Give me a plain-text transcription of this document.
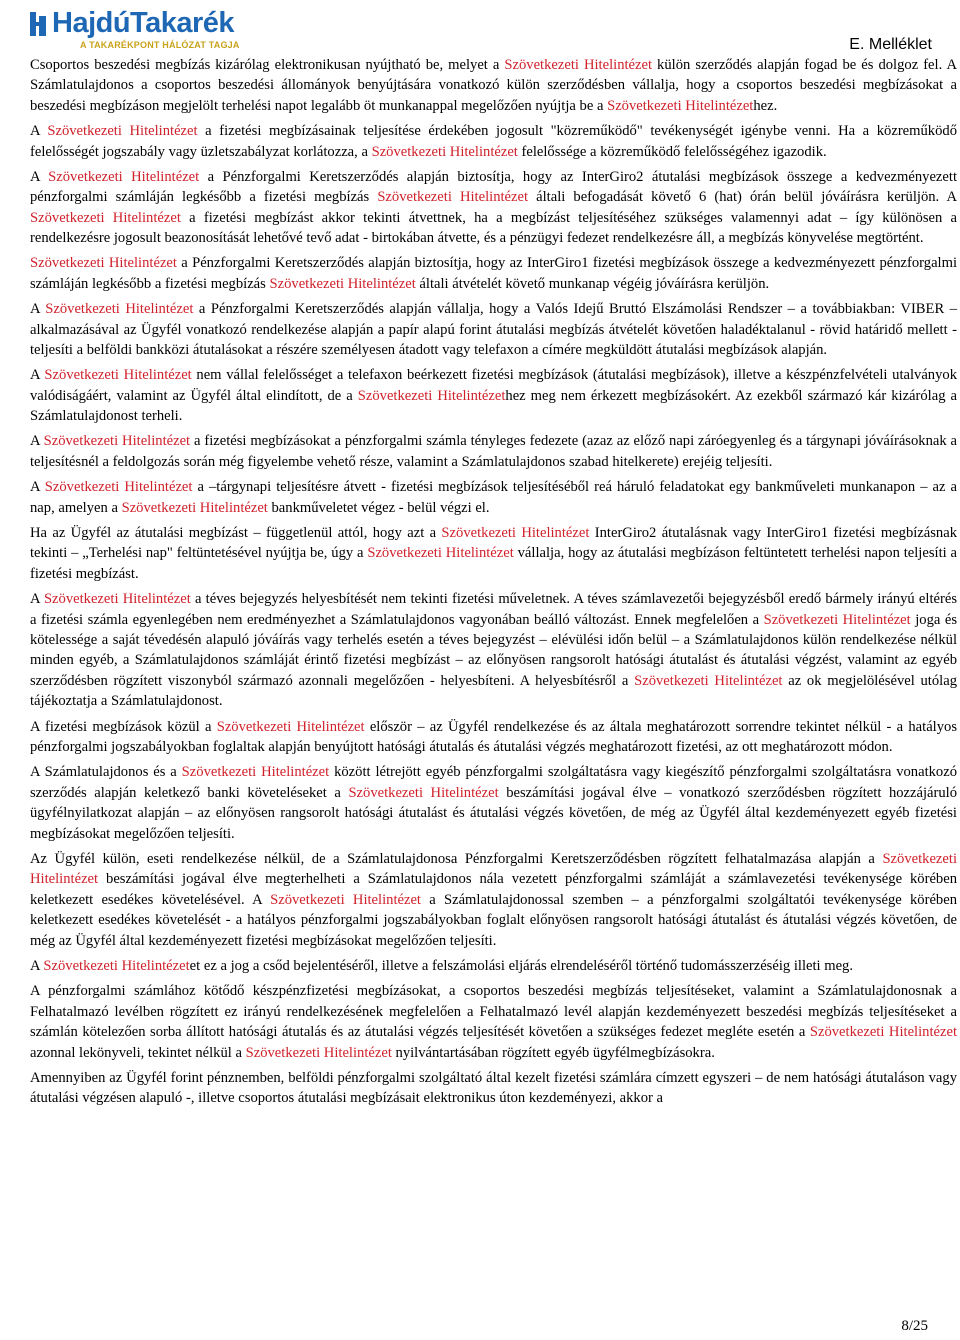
HajdúTakarék
A TAKARÉKPONT HÁLÓZAT TAGJA	E. Melléklet

Csoportos beszedési megbízás kizárólag elektronikusan nyújtható be, melyet a Szövetkezeti Hitelintézet külön szerződés alapján fogad be és dolgoz fel. A Számlatulajdonos a csoportos beszedési állományok benyújtására vonatkozó külön szerződésben vállalja, hogy a csoportos beszedési megbízásokat a beszedési megbízáson megjelölt terhelési napot legalább öt munkanappal megelőzően nyújtja be a Szövetkezeti Hitelintézethez.

A Szövetkezeti Hitelintézet a fizetési megbízásainak teljesítése érdekében jogosult "közreműködő" tevékenységét igénybe venni. Ha a közreműködő felelősségét jogszabály vagy üzletszabályzat korlátozza, a Szövetkezeti Hitelintézet felelőssége a közreműködő felelősségéhez igazodik.

A Szövetkezeti Hitelintézet a Pénzforgalmi Keretszerződés alapján biztosítja, hogy az InterGiro2 átutalási megbízások összege a kedvezményezett pénzforgalmi számláján legkésőbb a fizetési megbízás Szövetkezeti Hitelintézet általi befogadását követő 6 (hat) órán belül jóváírásra kerüljön. A Szövetkezeti Hitelintézet a fizetési megbízást akkor tekinti átvettnek, ha a megbízást teljesítéséhez szükséges valamennyi adat – így különösen a rendelkezésre jogosult beazonosítását lehetővé tevő adat - birtokában átvette, és a pénzügyi fedezet rendelkezésre áll, a megbízás könyvelése megtörtént.

Szövetkezeti Hitelintézet a Pénzforgalmi Keretszerződés alapján biztosítja, hogy az InterGiro1 fizetési megbízások összege a kedvezményezett pénzforgalmi számláján legkésőbb a fizetési megbízás Szövetkezeti Hitelintézet általi átvételét követő munkanap végéig jóváírásra kerüljön.

A Szövetkezeti Hitelintézet a Pénzforgalmi Keretszerződés alapján vállalja, hogy a Valós Idejű Bruttó Elszámolási Rendszer – a továbbiakban: VIBER – alkalmazásával az Ügyfél vonatkozó rendelkezése alapján a papír alapú forint átutalási megbízás átvételét követően haladéktalanul - rövid határidő mellett - teljesíti a belföldi bankközi átutalásokat a részére személyesen átadott vagy telefaxon a címére megküldött átutalási megbízások alapján.

A Szövetkezeti Hitelintézet nem vállal felelősséget a telefaxon beérkezett fizetési megbízások (átutalási megbízások), illetve a készpénzfelvételi utalványok valódiságáért, valamint az Ügyfél által elindított, de a Szövetkezeti Hitelintézethez meg nem érkezett megbízásokért. Az ezekből származó kár kizárólag a Számlatulajdonost terheli.

A Szövetkezeti Hitelintézet a fizetési megbízásokat a pénzforgalmi számla tényleges fedezete (azaz az előző napi záróegyenleg és a tárgynapi jóváírásoknak a teljesítésnél a feldolgozás során még figyelembe vehető része, valamint a Számlatulajdonos szabad hitelkerete) erejéig teljesíti.

A Szövetkezeti Hitelintézet a –tárgynapi teljesítésre átvett - fizetési megbízások teljesítéséből reá háruló feladatokat egy bankműveleti munkanapon – az a nap, amelyen a Szövetkezeti Hitelintézet bankműveletet végez - belül végzi el.

Ha az Ügyfél az átutalási megbízást – függetlenül attól, hogy azt a Szövetkezeti Hitelintézet InterGiro2 átutalásnak vagy InterGiro1 fizetési megbízásnak tekinti – „Terhelési nap" feltüntetésével nyújtja be, úgy a Szövetkezeti Hitelintézet vállalja, hogy az átutalási megbízáson feltüntetett terhelési napon teljesíti a fizetési megbízást.

A Szövetkezeti Hitelintézet a téves bejegyzés helyesbítését nem tekinti fizetési műveletnek. A téves számlavezetői bejegyzésből eredő bármely irányú eltérés a fizetési számla egyenlegében nem eredményezhet a Számlatulajdonos vagyonában beálló változást. Ennek megfelelően a Szövetkezeti Hitelintézet joga és kötelessége a saját tévedésén alapuló jóváírás vagy terhelés esetén a téves bejegyzést – elévülési időn belül – a Számlatulajdonos külön rendelkezése nélkül minden egyéb, a Számlatulajdonos számláját érintő fizetési megbízást – az előnyösen rangsorolt hatósági átutalást és átutalási végzést, valamint az egyéb szerződésben rögzített viszonyból származó azonnali megelőzően - helyesbíteni. A helyesbítésről a Szövetkezeti Hitelintézet az ok megjelölésével utólag tájékoztatja a Számlatulajdonost.

A fizetési megbízások közül a Szövetkezeti Hitelintézet először – az Ügyfél rendelkezése és az általa meghatározott sorrendre tekintet nélkül - a hatályos pénzforgalmi jogszabályokban foglaltak alapján benyújtott hatósági átutalás és átutalási végzés meghatározott fizetési, az ott meghatározott módon.

A Számlatulajdonos és a Szövetkezeti Hitelintézet között létrejött egyéb pénzforgalmi szolgáltatásra vagy kiegészítő pénzforgalmi szolgáltatásra vonatkozó szerződés alapján keletkező banki követeléseket a Szövetkezeti Hitelintézet beszámítási jogával élve – vonatkozó szerződésben rögzített hozzájáruló ügyfélnyilatkozat alapján – az előnyösen rangsorolt hatósági átutalást és átutalási végzés követően, de még az Ügyfél által kezdeményezett egyéb fizetési megbízásokat megelőzően teljesíti.

Az Ügyfél külön, eseti rendelkezése nélkül, de a Számlatulajdonosa Pénzforgalmi Keretszerződésben rögzített felhatalmazása alapján a Szövetkezeti Hitelintézet beszámítási jogával élve megterhelheti a Számlatulajdonos nála vezetett pénzforgalmi számláját a számlavezetési tevékenysége körében keletkezett esedékes követelésével. A Szövetkezeti Hitelintézet a Számlatulajdonossal szemben – a pénzforgalmi szolgáltatói tevékenysége körében keletkezett esedékes követelését - a hatályos pénzforgalmi jogszabályokban foglalt előnyösen rangsorolt hatósági átutalást és átutalási végzés követően, de még az Ügyfél által kezdeményezett fizetési megbízásokat megelőzően teljesíti.

A Szövetkezeti Hitelintézetet ez a jog a csőd bejelentéséről, illetve a felszámolási eljárás elrendeléséről történő tudomásszerzéséig illeti meg.

A pénzforgalmi számlához kötődő készpénzfizetési megbízásokat, a csoportos beszedési megbízás teljesítéseket, valamint a Számlatulajdonosnak a Felhatalmazó levélben rögzített ez irányú rendelkezésének megfelelően a Felhatalmazó levél alapján kezdeményezett beszedési megbízás teljesítéseket a számlán kötelezően sorba állított hatósági átutalás és az átutalási végzés teljesítését követően a szükséges fedezet megléte esetén a Szövetkezeti Hitelintézet azonnal lekönyveli, tekintet nélkül a Szövetkezeti Hitelintézet nyilvántartásában rögzített egyéb ügyfélmegbízásokra.

Amennyiben az Ügyfél forint pénznemben, belföldi pénzforgalmi szolgáltató által kezelt fizetési számlára címzett egyszeri – de nem hatósági átutaláson vagy átutalási végzésen alapuló -, illetve csoportos átutalási megbízásait elektronikus úton kezdeményezi, akkor a

8/25
